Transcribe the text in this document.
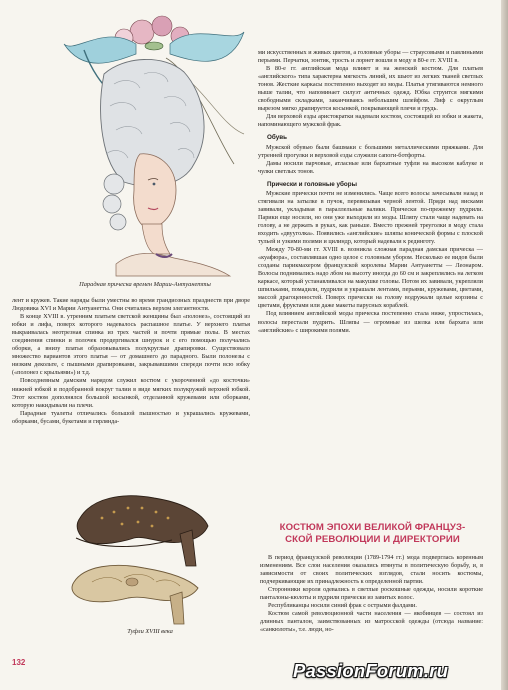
Парадная прическа времен Марии-Антуанетты

лент и кружев. Такие наряды были уместны во время грандиозных празднеств при дворе Людовика XVI и Марии Антуанетты. Они считались верхом элегантности.

В конце XVIII в. утренним платьем светской женщины был «полонез», состоящий из юбки и лифа, поверх которого надевалось распашное платье. У верхнего платья выкраивалась неотрезная спинка из трех частей и почти прямые полы. В местах соединения спинки и полочек продергивался шнурок и с его помощью получались оборки, а внизу платья образовывались полукруглые драпировки. Существовало множество вариантов этого платья — от домашнего до парадного. Были полонезы с низким декольте, с пышными драпировками, закрывавшими спереди почти всю юбку («полонез с крыльями») и т.д.

Повседневным дамским нарядом служил костюм с укороченной «до косточки» нижней юбкой и подобранной вокруг талии в виде мягких полукружий верхней юбкой. Этот костюм дополнялся большой косынкой, отделанной кружевами или оборками, которую накидывали на плечи.

Парадные туалеты отличались большой пышностью и украшались кружевами, оборками, бусами, букетами и гирлянда-

Туфли XVIII века

ми искусственных и живых цветов, а головные уборы — страусовыми и павлиньими перьями. Перчатки, зонтик, трость и лорнет вошли в моду в 80-е гг. XVIII в.

В 80-е гг. английская мода влияет и на женский костюм. Для платьев «английского» типа характерна мягкость линий, их шьют из легких тканей светлых тонов. Жесткие каркасы постепенно выходят из моды. Платья утягиваются немного выше талии, что напоминает силуэт античных одежд. Юбка струится мягкими свободными складками, заканчиваясь небольшим шлейфом. Лиф с округлым вырезом мягко драпируется косынкой, покрывающей плечи и грудь.

Для верховой езды аристократки надевали костюм, состоящий из юбки и жакета, напоминающего мужской фрак.

Обувь

Мужской обувью были башмаки с большими металлическими пряжками. Для утренней прогулки и верховой езды служили сапоги-ботфорты.

Дамы носили парчовые, атласные или бархатные туфли на высоком каблуке и чулки светлых тонов.

Прически и головные уборы

Мужские прически почти не изменились. Чаще всего волосы зачесывали назад и стягивали на затылке в пучок, перевязывая черной лентой. Пряди над висками завивали, укладывая в параллельные валики. Прически по-прежнему пудрили. Парики еще носили, но они уже выходили из моды. Шляпу стали чаще надевать на голову, а не держать в руках, как раньше. Вместо прежней треуголки в моду стала входить «двууголка». Появились «английские» шляпы конической формы с плоской тульей и узкими полями и цилиндр, который надевали к рединготу.

Между 70-80-ми гг. XVIII в. возникла сложная парадная дамская прическа — «куафюра», составлявшая одно целое с головным убором. Несколько ее видов были созданы парикмахером французской королевы Марии Антуанетты — Леонаром. Волосы поднимались надо лбом на высоту иногда до 60 см и закреплялись на легком каркасе, который устанавливался на макушке головы. Потом их завивали, укрепляли шпильками, помадили, пудрили и украшали лентами, перьями, кружевами, цветами, массой драгоценностей. Поверх прически на голову водружали целые корзины с цветами, фруктами или даже макеты парусных кораблей.

Под влиянием английской моды прическа постепенно стала ниже, упростилась, волосы перестали пудрить. Шляпы — огромные из шелка или бархата или «английские» с широкими полями.

КОСТЮМ ЭПОХИ ВЕЛИКОЙ ФРАНЦУЗ-
СКОЙ РЕВОЛЮЦИИ И ДИРЕКТОРИИ

В период французской революции (1789-1794 гг.) мода подверглась коренным изменениям. Все слои населения оказались втянуты в политическую борьбу, и, в зависимости от своих политических взглядов, стали носить костюмы, подчеркивающие их принадлежность к определенной партии.

Сторонники короля одевались в светлые роскошные одежды, носили короткие панталоны-кюлоты и пудрили прически из завитых волос.

Республиканцы носили синий фрак с острыми фалдами.

Костюм самой революционной части населения — якобинцев — состоял из длинных панталон, заимствованных из матросской одежды (отсюда название: «санкюлоты», т.е. люди, но-

132	PassionForum.ru
